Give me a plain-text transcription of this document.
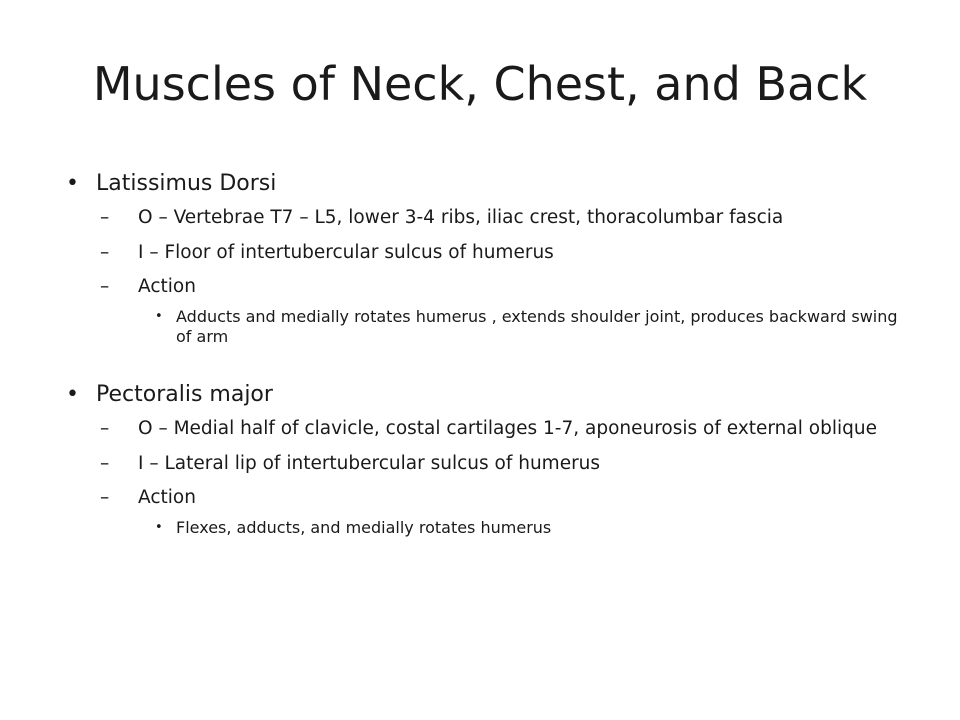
Muscles of Neck, Chest, and Back
• Latissimus Dorsi
– O – Vertebrae T7 – L5, lower 3-4 ribs, iliac crest, thoracolumbar fascia
– I – Floor of intertubercular sulcus of humerus
– Action
• Adducts and medially rotates humerus , extends shoulder joint, produces backward swing of arm
• Pectoralis major
– O – Medial half of clavicle, costal cartilages 1-7, aponeurosis of external oblique
– I – Lateral lip of intertubercular sulcus of humerus
– Action
• Flexes, adducts, and medially rotates humerus
